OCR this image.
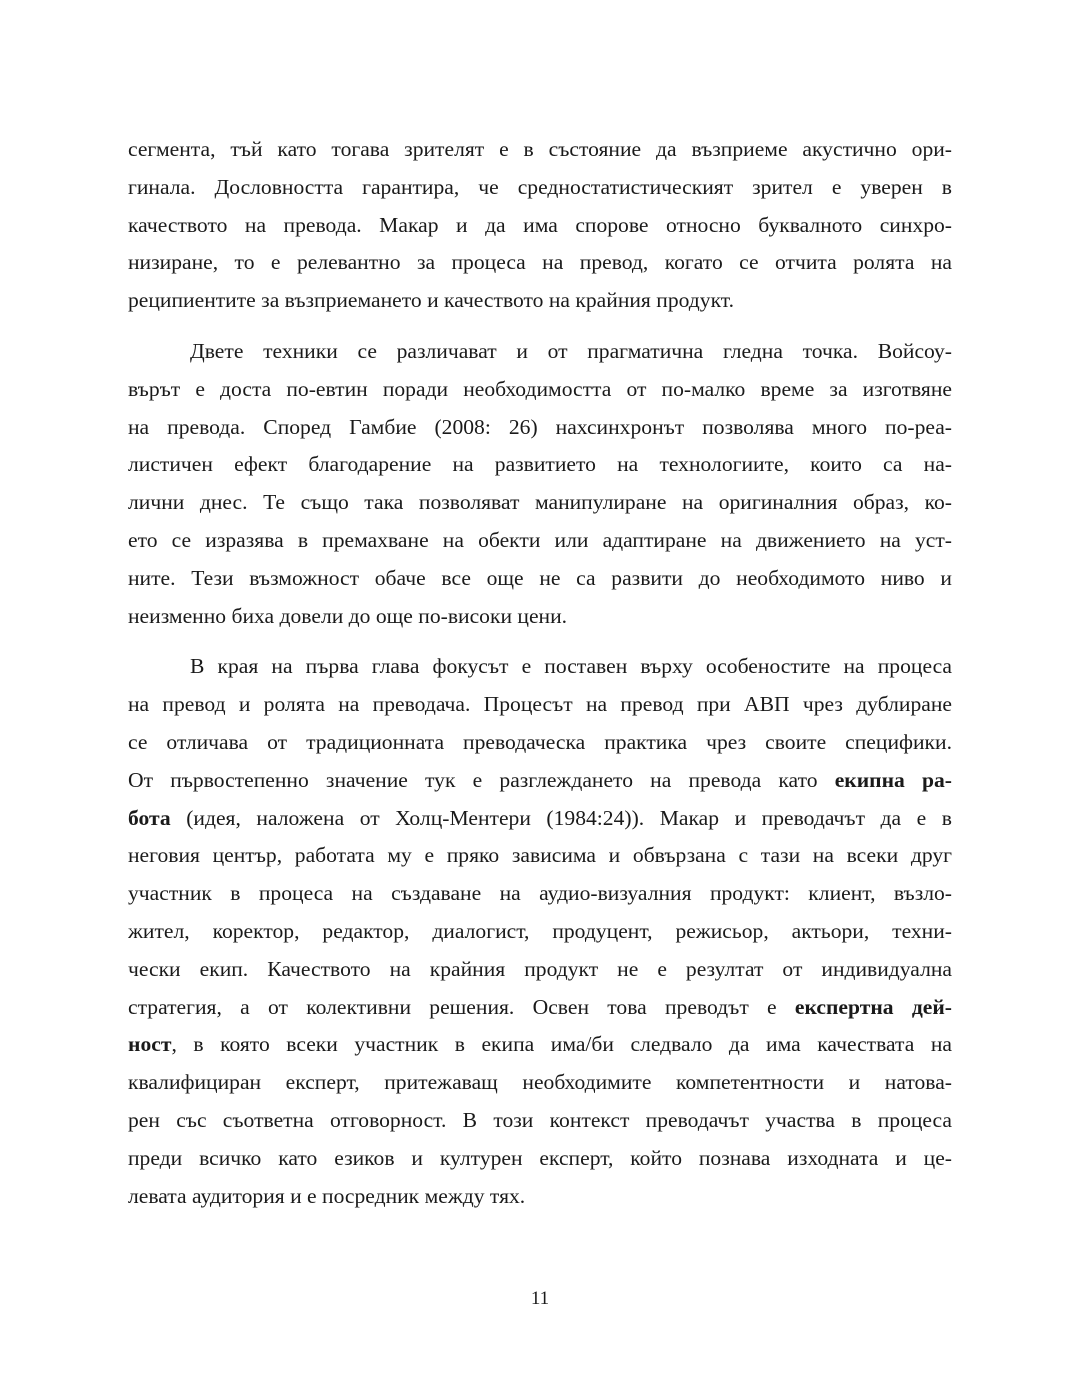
сегмента, тъй като тогава зрителят е в състояние да възприеме акустично ори-
гинала. Дословността гарантира, че средностатистическият зрител е уверен в
качеството на превода. Макар и да има спорове относно буквалното синхро-
низиране, то е релевантно за процеса на превод, когато се отчита ролята на
реципиентите за възприемането и качеството на крайния продукт.
Двете техники се различават и от прагматична гледна точка. Войсоу-
върът е доста по-евтин поради необходимостта от по-малко време за изготвяне
на превода. Според Гамбие (2008: 26) нахсинхронът позволява много по-реа-
листичен ефект благодарение на развитието на технологиите, които са на-
лични днес. Те също така позволяват манипулиране на оригиналния образ, ко-
ето се изразява в премахване на обекти или адаптиране на движението на уст-
ните. Тези възможност обаче все още не са развити до необходимото ниво и
неизменно биха довели до още по-високи цени.
В края на първа глава фокусът е поставен върху особеностите на процеса
на превод и ролята на преводача. Процесът на превод при АВП чрез дублиране
се отличава от традиционната преводаческа практика чрез своите специфики.
От първостепенно значение тук е разглеждането на превода като екипна ра-
бота (идея, наложена от Холц-Ментери (1984:24)). Макар и преводачът да е в
неговия център, работата му е пряко зависима и обвързана с тази на всеки друг
участник в процеса на създаване на аудио-визуалния продукт: клиент, възло-
жител, коректор, редактор, диалогист, продуцент, режисьор, актьори, техни-
чески екип. Качеството на крайния продукт не е резултат от индивидуална
стратегия, а от колективни решения. Освен това преводът е експертна дей-
ност, в която всеки участник в екипа има/би следвало да има качествата на
квалифициран експерт, притежаващ необходимите компетентности и натова-
рен със съответна отговорност. В този контекст преводачът участва в процеса
преди всичко като езиков и културен експерт, който познава изходната и це-
левата аудитория и е посредник между тях.
11
